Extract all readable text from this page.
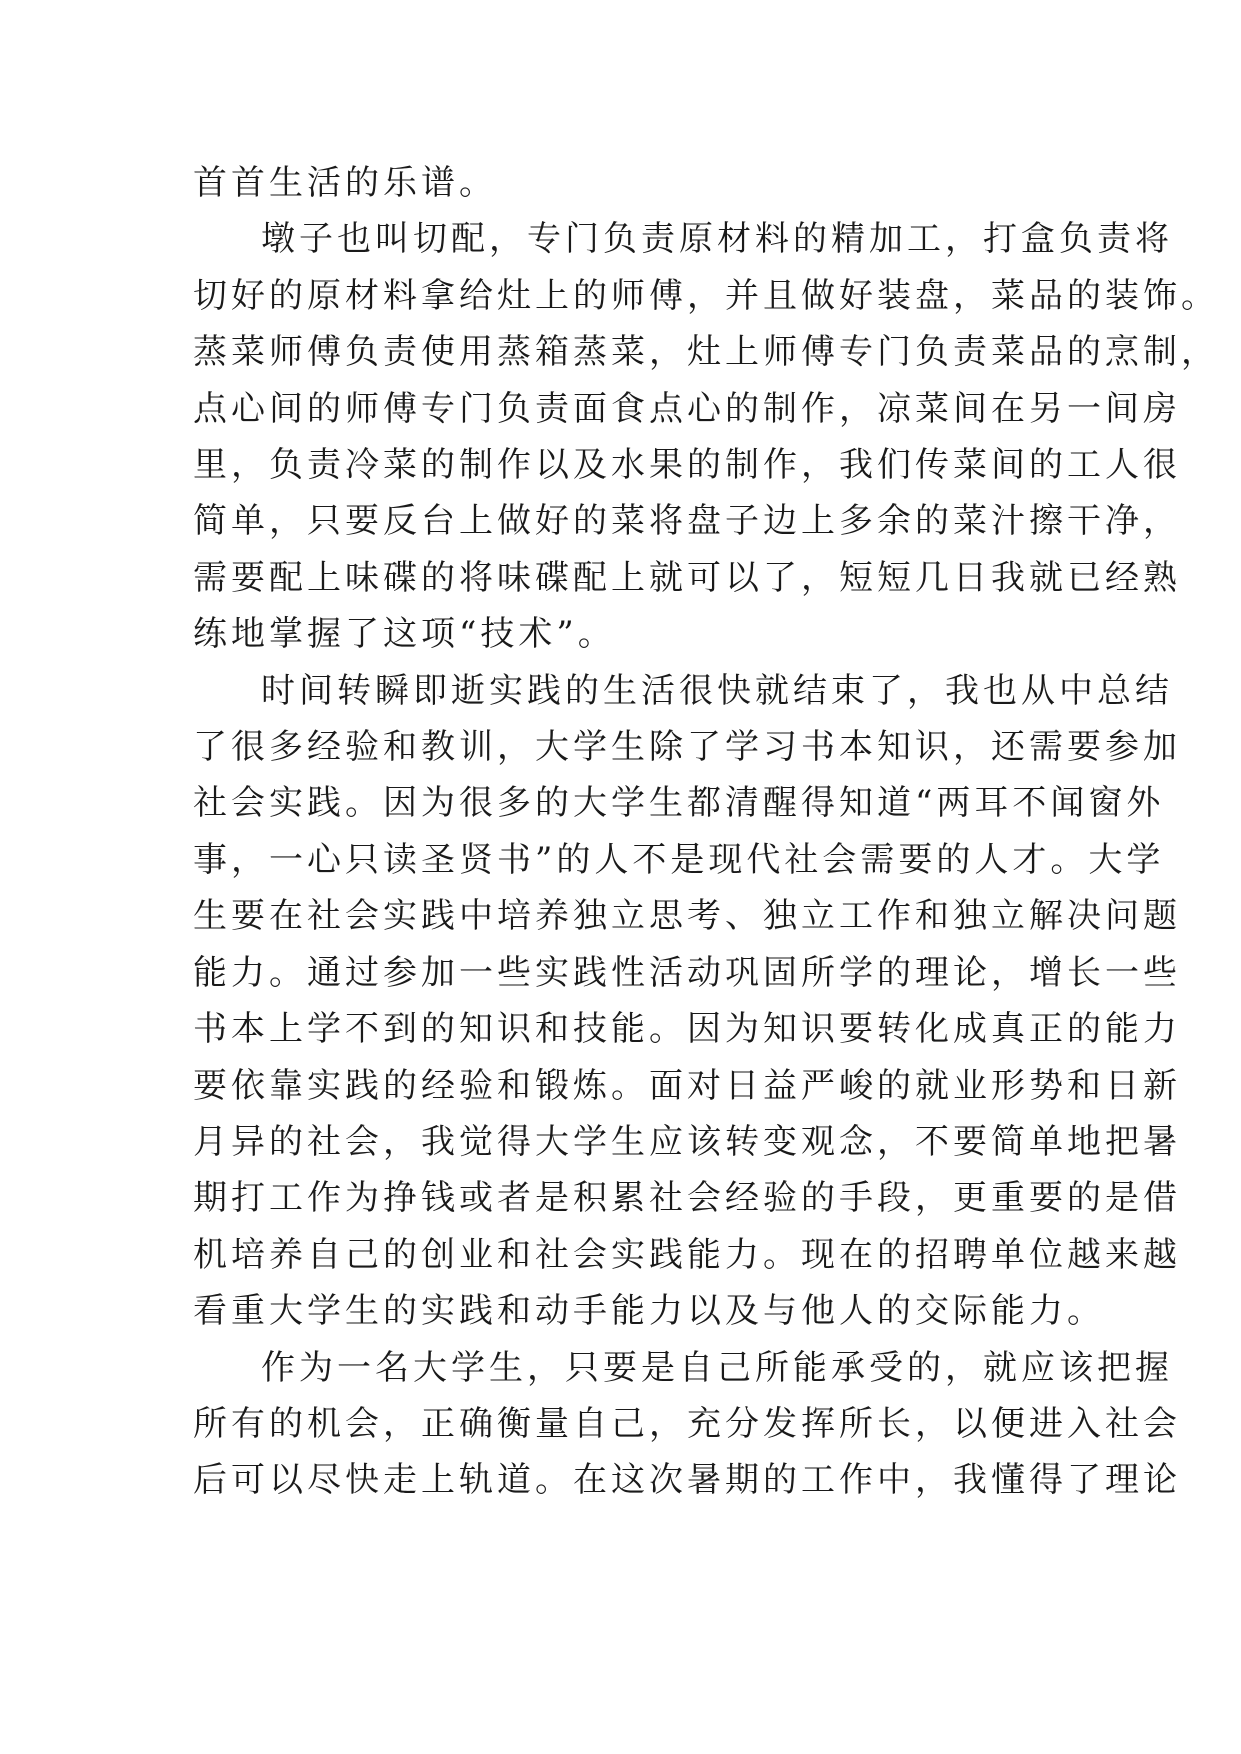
首首生活的乐谱。
墩子也叫切配，专门负责原材料的精加工，打盒负责将
切好的原材料拿给灶上的师傅，并且做好装盘，菜品的装饰。
蒸菜师傅负责使用蒸箱蒸菜，灶上师傅专门负责菜品的烹制，
点心间的师傅专门负责面食点心的制作，凉菜间在另一间房
里，负责冷菜的制作以及水果的制作，我们传菜间的工人很
简单，只要反台上做好的菜将盘子边上多余的菜汁擦干净，
需要配上味碟的将味碟配上就可以了，短短几日我就已经熟
练地掌握了这项“技术”。
时间转瞬即逝实践的生活很快就结束了，我也从中总结
了很多经验和教训，大学生除了学习书本知识，还需要参加
社会实践。因为很多的大学生都清醒得知道“两耳不闻窗外
事，一心只读圣贤书”的人不是现代社会需要的人才。大学
生要在社会实践中培养独立思考、独立工作和独立解决问题
能力。通过参加一些实践性活动巩固所学的理论，增长一些
书本上学不到的知识和技能。因为知识要转化成真正的能力
要依靠实践的经验和锻炼。面对日益严峻的就业形势和日新
月异的社会，我觉得大学生应该转变观念，不要简单地把暑
期打工作为挣钱或者是积累社会经验的手段，更重要的是借
机培养自己的创业和社会实践能力。现在的招聘单位越来越
看重大学生的实践和动手能力以及与他人的交际能力。
作为一名大学生，只要是自己所能承受的，就应该把握
所有的机会，正确衡量自己，充分发挥所长，以便进入社会
后可以尽快走上轨道。在这次暑期的工作中，我懂得了理论
